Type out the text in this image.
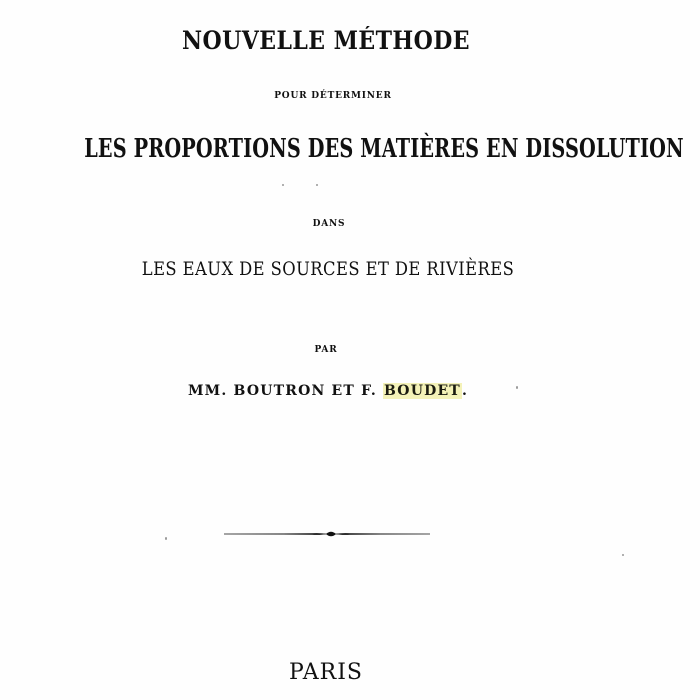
NOUVELLE MÉTHODE
POUR DÉTERMINER
LES PROPORTIONS DES MATIÈRES EN DISSOLUTION
DANS
LES EAUX DE SOURCES ET DE RIVIÈRES
PAR
MM. BOUTRON ET F. BOUDET.
PARIS
